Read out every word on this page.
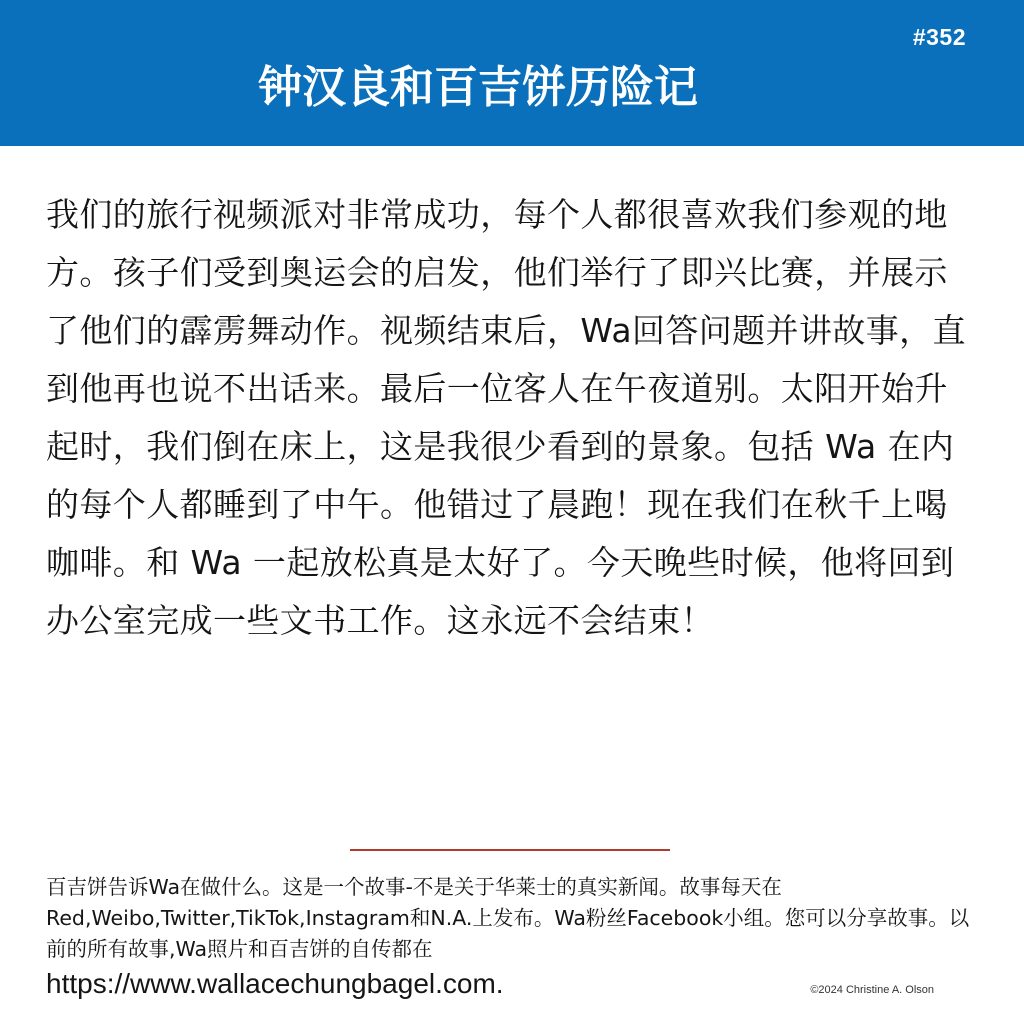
#352
钟汉良和百吉饼历险记

我们的旅行视频派对非常成功，每个人都很喜欢我们参观的地方。孩子们受到奥运会的启发，他们举行了即兴比赛，并展示了他们的霹雳舞动作。视频结束后，Wa回答问题并讲故事，直到他再也说不出话来。最后一位客人在午夜道别。太阳开始升起时，我们倒在床上，这是我很少看到的景象。包括 Wa 在内的每个人都睡到了中午。他错过了晨跑！现在我们在秋千上喝咖啡。和 Wa 一起放松真是太好了。今天晚些时候，他将回到办公室完成一些文书工作。这永远不会结束！

百吉饼告诉Wa在做什么。这是一个故事-不是关于华莱士的真实新闻。故事每天在Red,Weibo,Twitter,TikTok,Instagram和N.A.上发布。Wa粉丝Facebook小组。您可以分享故事。以前的所有故事,Wa照片和百吉饼的自传都在
https://www.wallacechungbagel.com.	©2024 Christine A. Olson
